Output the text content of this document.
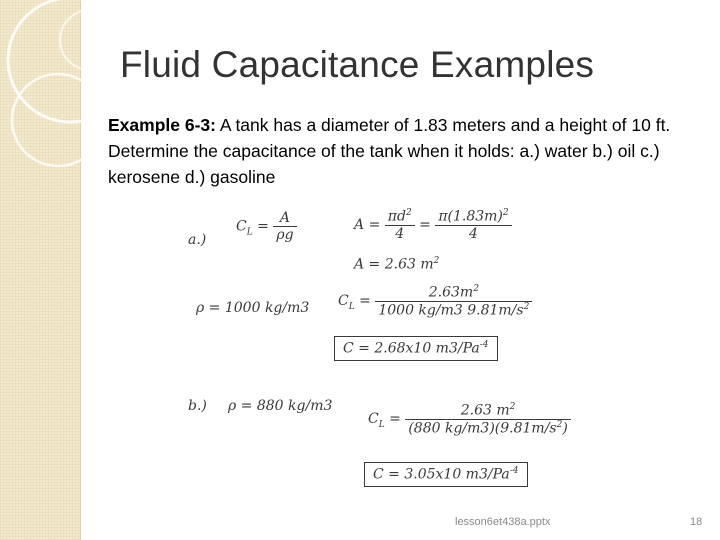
Fluid Capacitance Examples
Example 6-3: A tank has a diameter of 1.83 meters and a height of 10 ft. Determine the capacitance of the tank when it holds: a.) water b.) oil c.) kerosene d.) gasoline
a.)
$C_L = \frac{A}{\rho g}$	$A = \frac{\pi d^2}{4} = \frac{\pi(1.83m)^2}{4}$
A = 2.63 $m^2$
ρ = 1000 kg/m3 $C_L = \frac{2.63m^2}{1000 kg/m3 9.81m/s^2}$
C = 2.68x10 $m3/Pa^{-4}$
b.) ρ = 880 kg/m3
$C_L = \frac{2.63 m^2}{(880 kg/m3)(9.81m/s^2)}$
C = 3.05x10 $m3/Pa^{-4}$
lesson6et438a.pptx	18
